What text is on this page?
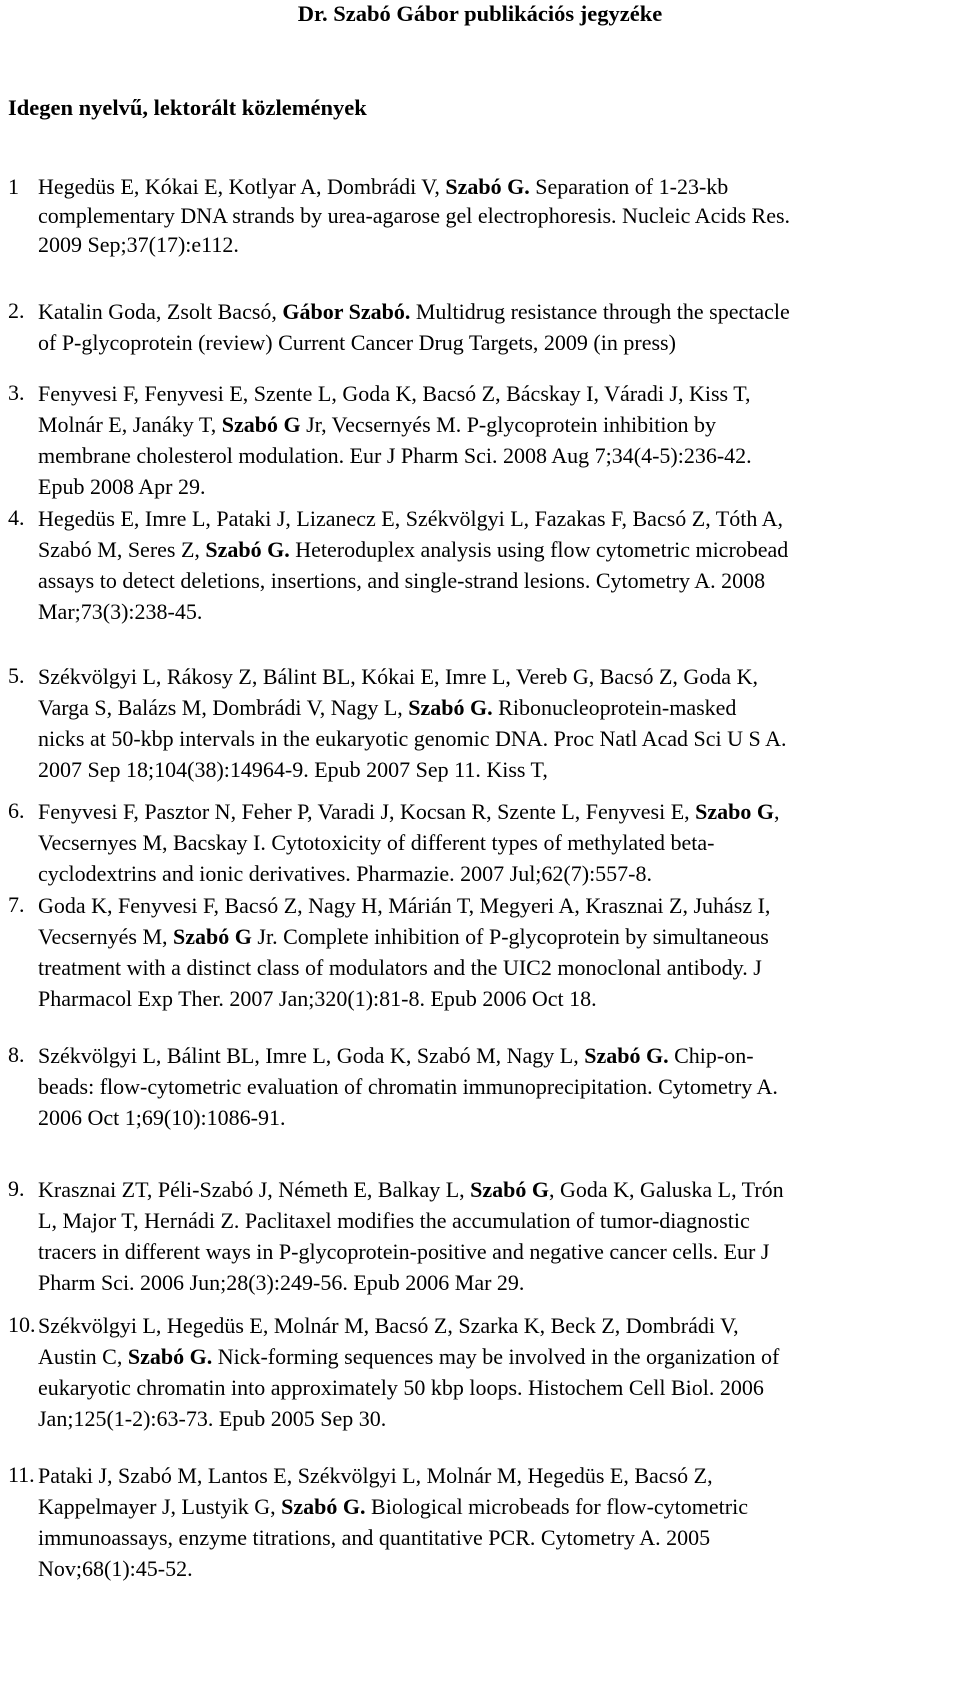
Dr. Szabó Gábor publikációs jegyzéke
Idegen nyelvű, lektorált közlemények
1 Hegedüs E, Kókai E, Kotlyar A, Dombrádi V, Szabó G. Separation of 1-23-kb
complementary DNA strands by urea-agarose gel electrophoresis. Nucleic Acids Res.
2009 Sep;37(17):e112.
2. Katalin Goda, Zsolt Bacsó, Gábor Szabó. Multidrug resistance through the spectacle
of P-glycoprotein (review) Current Cancer Drug Targets, 2009 (in press)
3. Fenyvesi F, Fenyvesi E, Szente L, Goda K, Bacsó Z, Bácskay I, Váradi J, Kiss T,
Molnár E, Janáky T, Szabó G Jr, Vecsernyés M. P-glycoprotein inhibition by
membrane cholesterol modulation. Eur J Pharm Sci. 2008 Aug 7;34(4-5):236-42.
Epub 2008 Apr 29.
4. Hegedüs E, Imre L, Pataki J, Lizanecz E, Székvölgyi L, Fazakas F, Bacsó Z, Tóth A,
Szabó M, Seres Z, Szabó G. Heteroduplex analysis using flow cytometric microbead
assays to detect deletions, insertions, and single-strand lesions. Cytometry A. 2008
Mar;73(3):238-45.
5. Székvölgyi L, Rákosy Z, Bálint BL, Kókai E, Imre L, Vereb G, Bacsó Z, Goda K,
Varga S, Balázs M, Dombrádi V, Nagy L, Szabó G. Ribonucleoprotein-masked
nicks at 50-kbp intervals in the eukaryotic genomic DNA. Proc Natl Acad Sci U S A.
2007 Sep 18;104(38):14964-9. Epub 2007 Sep 11. Kiss T,
6. Fenyvesi F, Pasztor N, Feher P, Varadi J, Kocsan R, Szente L, Fenyvesi E, Szabo G,
Vecsernyes M, Bacskay I. Cytotoxicity of different types of methylated beta-
cyclodextrins and ionic derivatives. Pharmazie. 2007 Jul;62(7):557-8.
7. Goda K, Fenyvesi F, Bacsó Z, Nagy H, Márián T, Megyeri A, Krasznai Z, Juhász I,
Vecsernyés M, Szabó G Jr. Complete inhibition of P-glycoprotein by simultaneous
treatment with a distinct class of modulators and the UIC2 monoclonal antibody. J
Pharmacol Exp Ther. 2007 Jan;320(1):81-8. Epub 2006 Oct 18.
8. Székvölgyi L, Bálint BL, Imre L, Goda K, Szabó M, Nagy L, Szabó G. Chip-on-
beads: flow-cytometric evaluation of chromatin immunoprecipitation. Cytometry A.
2006 Oct 1;69(10):1086-91.
9. Krasznai ZT, Péli-Szabó J, Németh E, Balkay L, Szabó G, Goda K, Galuska L, Trón
L, Major T, Hernádi Z. Paclitaxel modifies the accumulation of tumor-diagnostic
tracers in different ways in P-glycoprotein-positive and negative cancer cells. Eur J
Pharm Sci. 2006 Jun;28(3):249-56. Epub 2006 Mar 29.
10. Székvölgyi L, Hegedüs E, Molnár M, Bacsó Z, Szarka K, Beck Z, Dombrádi V,
Austin C, Szabó G. Nick-forming sequences may be involved in the organization of
eukaryotic chromatin into approximately 50 kbp loops. Histochem Cell Biol. 2006
Jan;125(1-2):63-73. Epub 2005 Sep 30.
11. Pataki J, Szabó M, Lantos E, Székvölgyi L, Molnár M, Hegedüs E, Bacsó Z,
Kappelmayer J, Lustyik G, Szabó G. Biological microbeads for flow-cytometric
immunoassays, enzyme titrations, and quantitative PCR. Cytometry A. 2005
Nov;68(1):45-52.
